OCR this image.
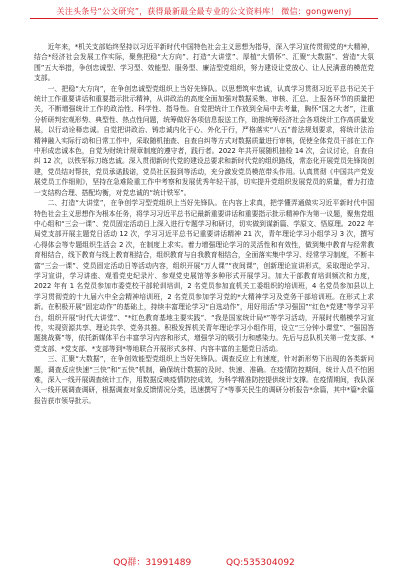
关注头条号“公文研究”，获得最新最全最专业的公文资料库！ 微信：gongwenyj

近年来，*机关支部始终坚持以习近平新时代中国特色社会主义思想为指导，深入学习宣传贯彻党的*大精神，结合*经济社会发展工作实际，聚焦把稳“大方向”、打造“大讲堂”、厚植“大情怀”、汇聚“大数据”、营造“大氛围”五大举措，争创忠诚型、学习型、效能型、服务型、廉洁型党组织，努力建设让党放心、让人民满意的模范党支部。

一、把稳“大方向”，在争创忠诚型党组织上当好先锋队。以思想筑牢忠诚，认真学习贯彻习近平总书记关于统计工作重要讲话和重要指示批示精神，从讲政治的高度全面加强对数据采集、审核、汇总、上报各环节的质量把关，不断增强统计工作的政治性、科学性、指导性。自觉把统计工作放到全局中去考量，胸怀“国之大者”，注重分析研判宏观形势、典型性、热点性问题，统筹做好各项信息报送工作，助推统筹经济社会各项统计工作高质量发展，以行动诠释忠诚。自觉把讲政治、铸忠诚内化于心、外化于行，严格落实“八五”普法规划要求，将统计法治精神融入实际行动和日常工作中，采取随机抽查、自查自纠等方式对数据质量进行审核，促使全体党员干部在工作中形成忠诚本色，自觉为财统计规章制度的遵守者，践行者。2022 年共开展随机抽检 14 次，会议讨论，自查自纠 12 次，以铁军标刀练忠诚。深入贯彻新时代党的建设总要求和新时代党的组织路线，常态化开展党员先锋岗创建，党员结对帮扶，党员承诺践诺，党员社区报到等活动，充分激发党员模范带头作用。认真贯彻《中国共产党发展党员工作细则》，坚持在急难险重工作中考察和发展优秀年轻干部，切实提升党组织发展党员的质量，着力打造一支结构合理、搭配均衡，对党忠诚的“统计铁军”。

二、打造“大讲堂”，在争创学习型党组织上当好先锋队。在内容上求真，把学懂弄通做实习近平新时代中国特色社会主义思想作为根本任务，将学习习近平总书记最新重要讲话和重要指示批示精神作为第一议题，聚焦党组中心组和“三会一课”、党员固定活动日上深入进行专题学习和研讨，切实做到谋新篇、学原文、悟原理。2022 年局党支部开展主题党日活动 12 次，学习习近平总书记重要讲话精神 21 次，青年理论学习小组学习 3 次，撰写心得体会等专题组织生活会 2 次，在制度上求实。着力增强理论学习的灵活性和有效性，做到集中教育与经常教育相结合，线下教育与线上教育相结合，组织教育与自我教育相结合，全面落实集中学习、经常学习制度，不断丰富“三会一课”、党员固定活动日等活动内容，组织开展“万人课”“夜间课”，创新理论宣讲形式，采取理论学习、学习宣讲，学习讲座、观看党史纪录片、参观党史展馆等多种形式开展学习。加大干部教育培训频次和力度，2022 年有 1 名党员参加市委党校干部轮训培训，2 名党员参加直机关工委组织的培训班，4 名党员参加县以上学习贯彻党的十九届六中全会精神培训班，2 名党员参加学习党的*大精神学习及党务干部培训班。在形式上求新。在积极开展“固定动作”的基础上，持续丰富理论学习“自选动作”，用好用活“学习强国”“红色*党建”等学习平台，组织开展“时代大讲堂”、“*红色教育基地主要实践”、“我是国家统计局*”等学习活动，开展时代楷模学习宣传，实现资源共享、理论共学、党务共推。积极发挥机关青年理论学习小组作用，设立“三分钟小课堂”、“强国答题挑战赛”等，依托新媒体平台丰富学习内容和形式，增强学习的吸引力和感染力。先后与总队机关第一党支部、*党支部、*党支部、*支部等到*等地联合开展形式多样、内容丰富的主题党日活动。

三、汇聚“大数据”，在争创效能型党组织上当好先锋队。调查反应上有速度，针对新形势下出现的各类新问题，调查反应快速“三快”和“五快”机制，确保统计数据的及时、快速、准确。在疫情防控期间，统计人员不怕困难，深入一线开展调查统计工作，用数据反映疫情防控成效，为科学精准防控提供统计支撑。在疫情期间，我队深入一线开展调查调研，根据调查对象反馈情况分类，迅速撰写了*等事关民生的调研分析报告*余篇，其中*篇*余篇报告获市领导批示。

QQ群：31991489	QQ:535304092
